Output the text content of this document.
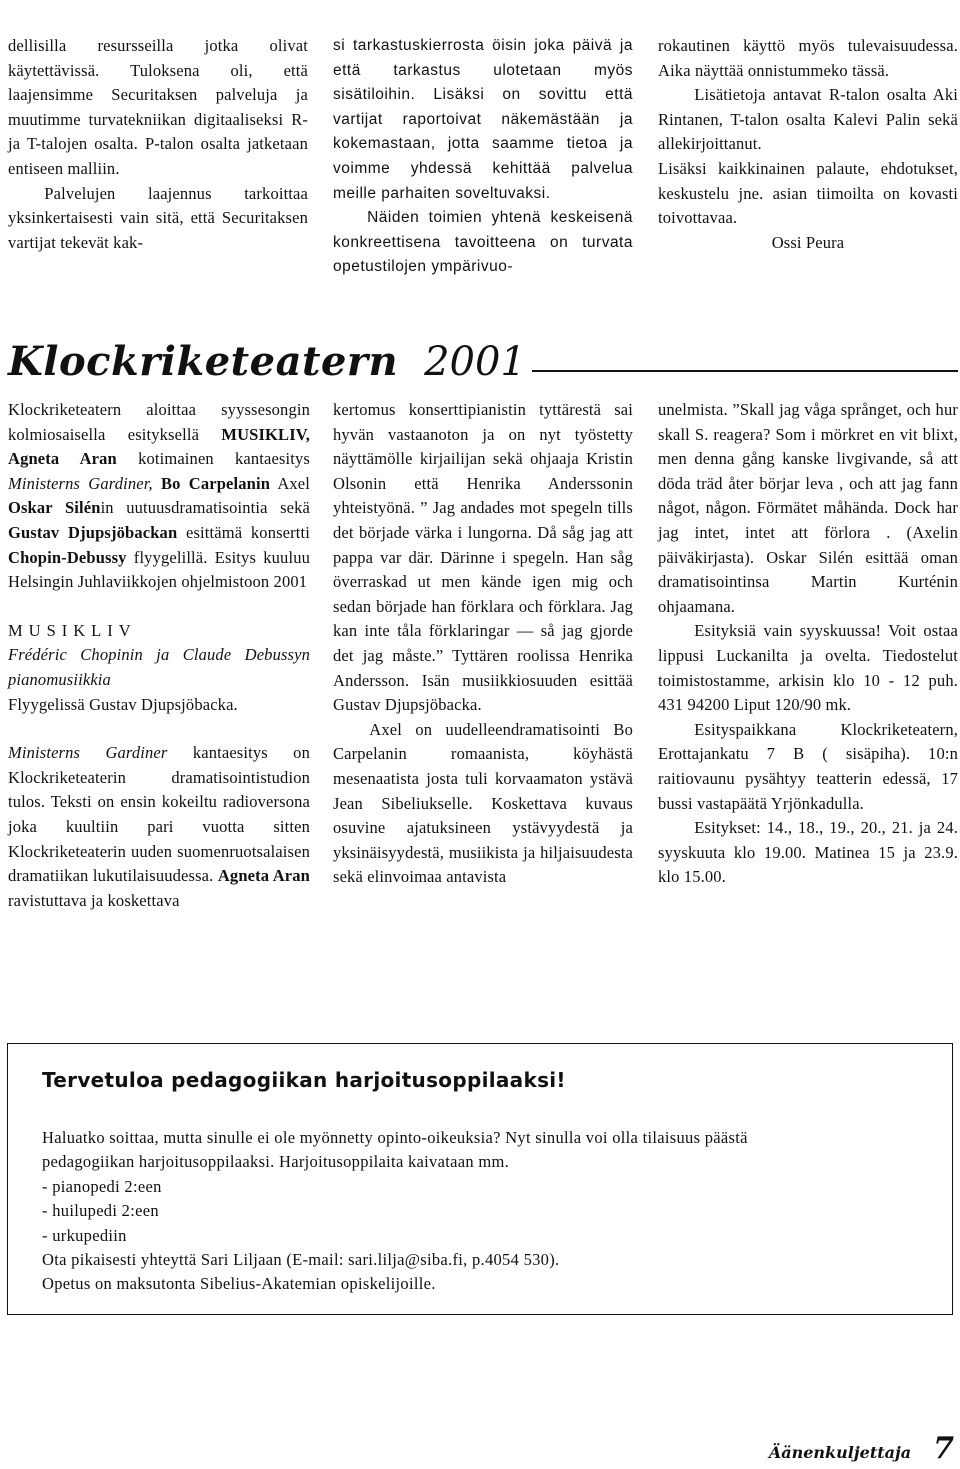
dellisilla resursseilla jotka olivat käytettävissä. Tuloksena oli, että laajensimme Securitaksen palveluja ja muutimme turvatekniikan digitaaliseksi R- ja T-talojen osalta. P-talon osalta jatketaan entiseen malliin.

Palvelujen laajennus tarkoittaa yksinkertaisesti vain sitä, että Securitaksen vartijat tekevät kak-

si tarkastuskierrosta öisin joka päivä ja että tarkastus ulotetaan myös sisätiloihin. Lisäksi on sovittu että vartijat raportoivat näkemästään ja kokemastaan, jotta saamme tietoa ja voimme yhdessä kehittää palvelua meille parhaiten soveltuvaksi.

Näiden toimien yhtenä keskeisenä konkreettisena tavoitteena on turvata opetustilojen ympärivuo-

rokautinen käyttö myös tulevaisuudessa. Aika näyttää onnistummeko tässä.

Lisätietoja antavat R-talon osalta Aki Rintanen, T-talon osalta Kalevi Palin sekä allekirjoittanut.

Lisäksi kaikkinainen palaute, ehdotukset, keskustelu jne. asian tiimoilta on kovasti toivottavaa.

Ossi Peura

Klockriketeatern 2001

Klockriketeatern aloittaa syyssesongin kolmiosaisella esityksellä MUSIKLIV, Agneta Aran kotimainen kantaesitys Ministerns Gardiner, Bo Carpelanin Axel Oskar Silénin uutuusdramatisointia sekä Gustav Djupsjöbackan esittämä konsertti Chopin-Debussy flyygelillä. Esitys kuuluu Helsingin Juhlaviikkojen ohjelmistoon 2001

MUSIKLIV

Frédéric Chopinin ja Claude Debussyn pianomusiikkia

Flyygelissä Gustav Djupsjöbacka.

Ministerns Gardiner kantaesitys on Klockriketeaterin dramatisointistudion tulos. Teksti on ensin kokeiltu radioversona joka kuultiin pari vuotta sitten Klockriketeaterin uuden suomenruotsalaisen dramatiikan lukutilaisuudessa. Agneta Aran ravistuttava ja koskettava

kertomus konserttipianistin tyttärestä sai hyvän vastaanoton ja on nyt työstetty näyttämölle kirjailijan sekä ohjaaja Kristin Olsonin että Henrika Anderssonin yhteistyönä. ” Jag andades mot spegeln tills det började värka i lungorna. Då såg jag att pappa var där. Därinne i spegeln. Han såg överraskad ut men kände igen mig och sedan började han förklara och förklara. Jag kan inte tåla förklaringar — så jag gjorde det jag måste.” Tyttären roolissa Henrika Andersson. Isän musiikkiosuuden esittää Gustav Djupsjöbacka.

Axel on uudelleendramatisointi Bo Carpelanin romaanista, köyhästä mesenaatista josta tuli korvaamaton ystävä Jean Sibeliukselle. Koskettava kuvaus osuvine ajatuksineen ystävyydestä ja yksinäisyydestä, musiikista ja hiljaisuudesta sekä elinvoimaa antavista

unelmista. ”Skall jag våga språnget, och hur skall S. reagera? Som i mörkret en vit blixt, men denna gång kanske livgivande, så att döda träd åter börjar leva , och att jag fann något, någon. Förmätet måhända. Dock har jag intet, intet att förlora . (Axelin päiväkirjasta). Oskar Silén esittää oman dramatisointinsa Martin Kurténin ohjaamana.

Esityksiä vain syyskuussa! Voit ostaa lippusi Luckanilta ja ovelta. Tiedostelut toimistostamme, arkisin klo 10 - 12 puh. 431 94200 Liput 120/90 mk.

Esityspaikkana Klockriketeatern, Erottajankatu 7 B ( sisäpiha). 10:n raitiovaunu pysähtyy teatterin edessä, 17 bussi vastapäätä Yrjönkadulla.

Esitykset: 14., 18., 19., 20., 21. ja 24. syyskuuta klo 19.00. Matinea 15 ja 23.9. klo 15.00.

Tervetuloa pedagogiikan harjoitusoppilaaksi!
Haluatko soittaa, mutta sinulle ei ole myönnetty opinto-oikeuksia? Nyt sinulla voi olla tilaisuus päästä
pedagogiikan harjoitusoppilaaksi. Harjoitusoppilaita kaivataan mm.
- pianopedi 2:een
- huilupedi 2:een
- urkupediin
Ota pikaisesti yhteyttä Sari Liljaan (E-mail: sari.lilja@siba.fi, p.4054 530).
Opetus on maksutonta Sibelius-Akatemian opiskelijoille.
Äänenkuljettaja 7
